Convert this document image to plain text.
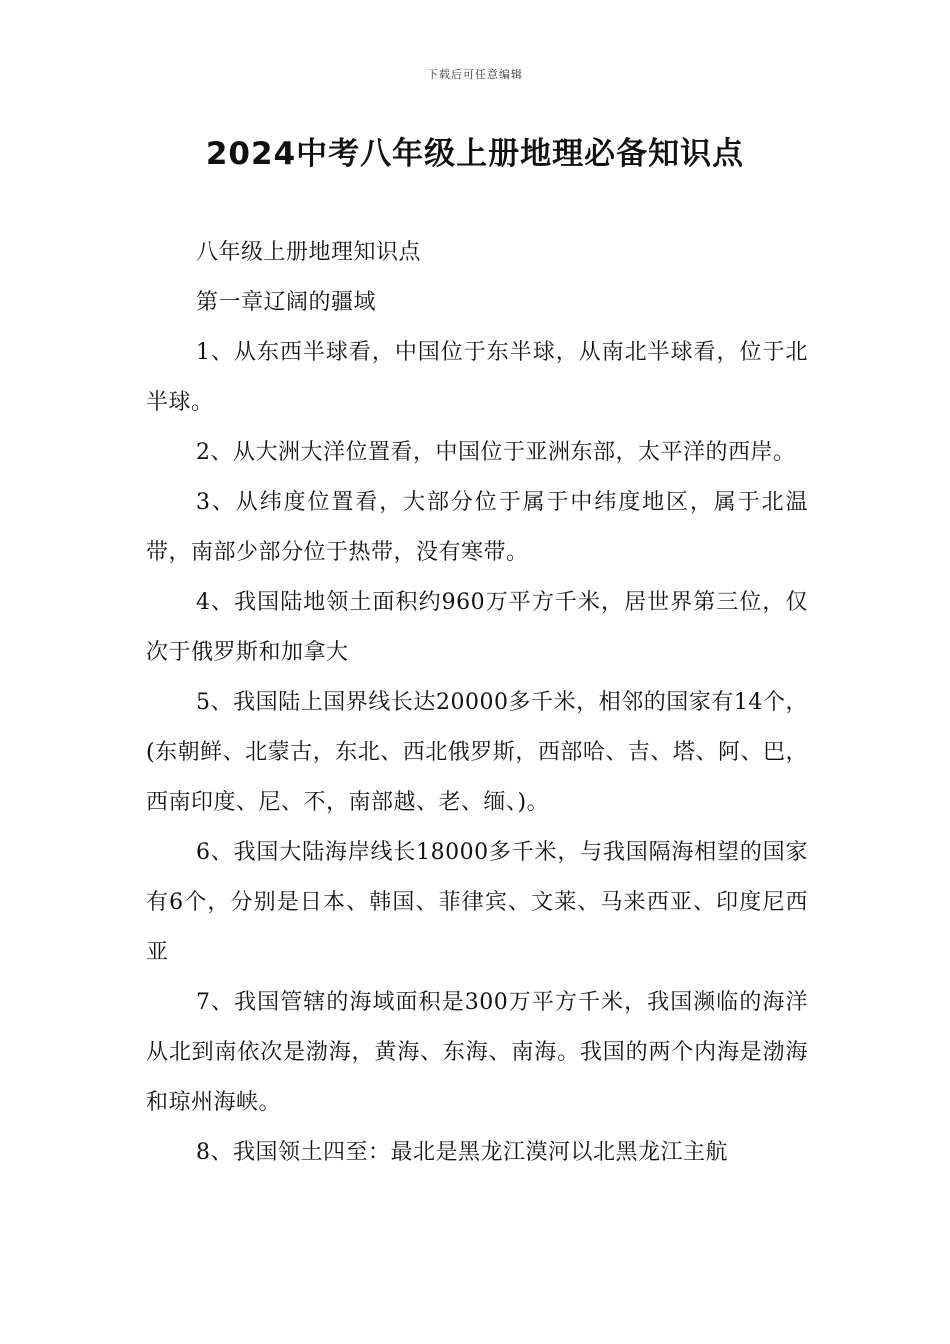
下载后可任意编辑
2024中考八年级上册地理必备知识点

八年级上册地理知识点

第一章辽阔的疆域

1、从东西半球看，中国位于东半球，从南北半球看，位于北半球。

2、从大洲大洋位置看，中国位于亚洲东部，太平洋的西岸。

3、从纬度位置看，大部分位于属于中纬度地区，属于北温带，南部少部分位于热带，没有寒带。

4、我国陆地领土面积约960万平方千米，居世界第三位，仅次于俄罗斯和加拿大

5、我国陆上国界线长达20000多千米，相邻的国家有14个，(东朝鲜、北蒙古，东北、西北俄罗斯，西部哈、吉、塔、阿、巴，西南印度、尼、不，南部越、老、缅、)。

6、我国大陆海岸线长18000多千米，与我国隔海相望的国家有6个，分别是日本、韩国、菲律宾、文莱、马来西亚、印度尼西亚

7、我国管辖的海域面积是300万平方千米，我国濒临的海洋从北到南依次是渤海，黄海、东海、南海。我国的两个内海是渤海和琼州海峡。

8、我国领土四至：最北是黑龙江漠河以北黑龙江主航
